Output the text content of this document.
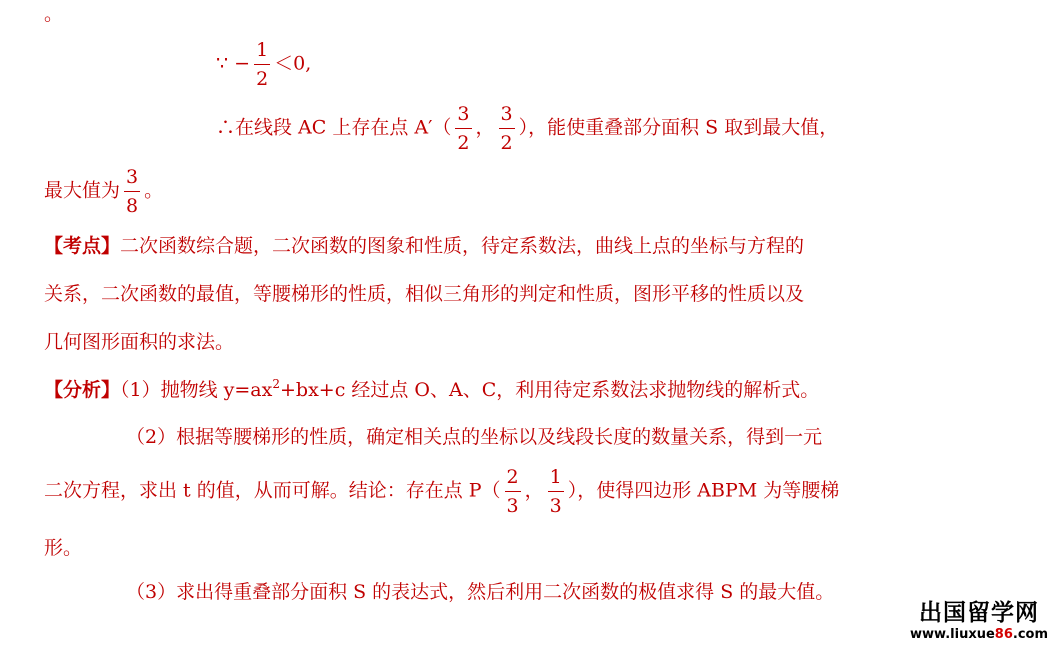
。
∵ − $\frac{1}{2} <0$,
∴在线段 AC 上存在点 $A'( \frac{3}{2}$ ， $\frac{3}{2}$ ），能使重叠部分面积 S 取到最大值，
最大值为 $\frac{3}{8}$ 。
【考点】二次函数综合题，二次函数的图象和性质，待定系数法，曲线上点的坐标与方程的
关系，二次函数的最值，等腰梯形的性质，相似三角形的判定和性质，图形平移的性质以及
几何图形面积的求法。
【分析】（1）抛物线 $y=ax^2+bx+c$ 经过点 O、A、C，利用待定系数法求抛物线的解析式。
（2）根据等腰梯形的性质，确定相关点的坐标以及线段长度的数量关系，得到一元
二次方程，求出 t 的值，从而可解。结论：存在点 $P( \frac{2}{3}$ ， $\frac{1}{3}$ ），使得四边形 ABPM 为等腰梯
形。
（3）求出得重叠部分面积 S 的表达式，然后利用二次函数的极值求得 S 的最大值。
出国留学网
www.liuxue86.com
